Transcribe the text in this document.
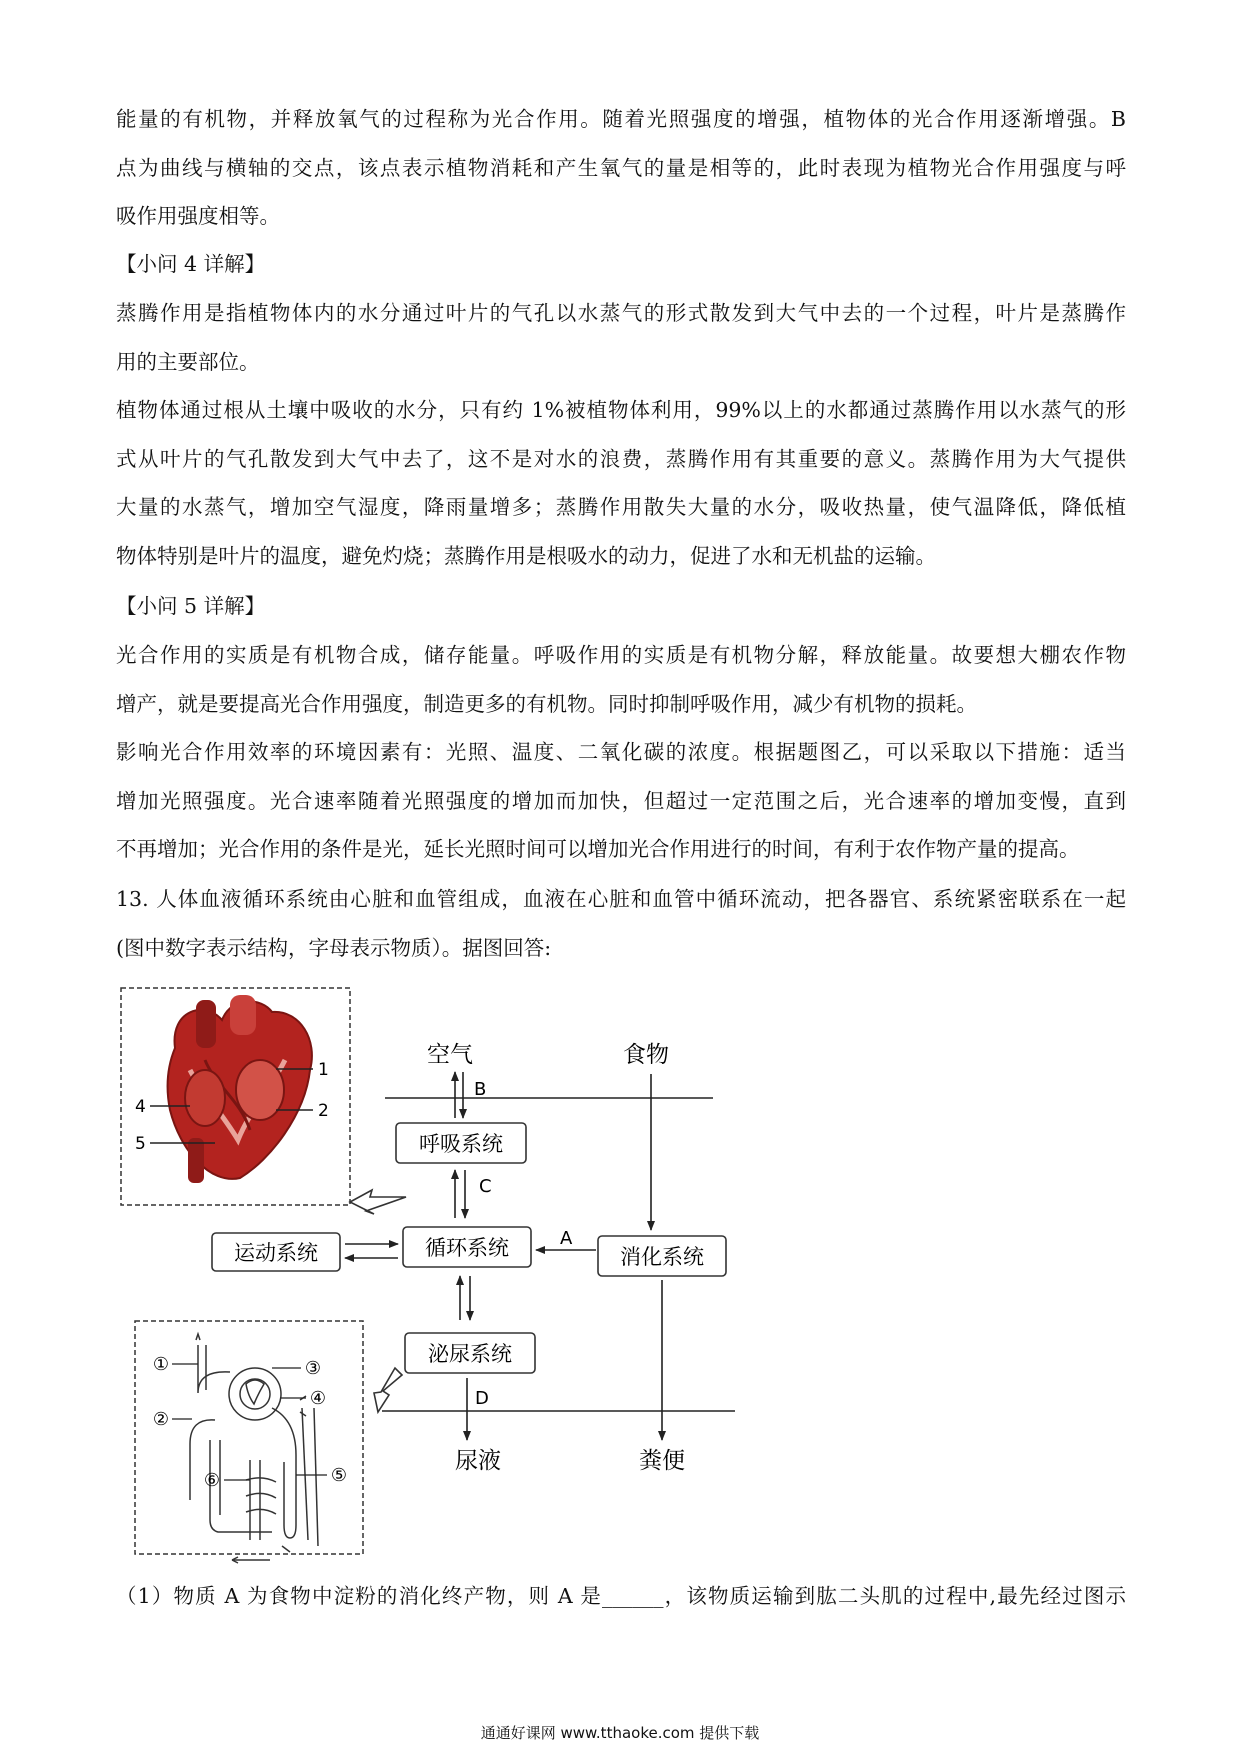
能量的有机物，并释放氧气的过程称为光合作用。随着光照强度的增强，植物体的光合作用逐渐增强。B
点为曲线与横轴的交点，该点表示植物消耗和产生氧气的量是相等的，此时表现为植物光合作用强度与呼
吸作用强度相等。
【小问 4 详解】
蒸腾作用是指植物体内的水分通过叶片的气孔以水蒸气的形式散发到大气中去的一个过程，叶片是蒸腾作
用的主要部位。
植物体通过根从土壤中吸收的水分，只有约 1%被植物体利用，99%以上的水都通过蒸腾作用以水蒸气的形
式从叶片的气孔散发到大气中去了，这不是对水的浪费，蒸腾作用有其重要的意义。蒸腾作用为大气提供
大量的水蒸气，增加空气湿度，降雨量增多；蒸腾作用散失大量的水分，吸收热量，使气温降低，降低植
物体特别是叶片的温度，避免灼烧；蒸腾作用是根吸水的动力，促进了水和无机盐的运输。
【小问 5 详解】
光合作用的实质是有机物合成，储存能量。呼吸作用的实质是有机物分解，释放能量。故要想大棚农作物
增产，就是要提高光合作用强度，制造更多的有机物。同时抑制呼吸作用，减少有机物的损耗。
影响光合作用效率的环境因素有：光照、温度、二氧化碳的浓度。根据题图乙，可以采取以下措施：适当
增加光照强度。光合速率随着光照强度的增加而加快，但超过一定范围之后，光合速率的增加变慢，直到
不再增加；光合作用的条件是光，延长光照时间可以增加光合作用进行的时间，有利于农作物产量的提高。
13. 人体血液循环系统由心脏和血管组成，血液在心脏和血管中循环流动，把各器官、系统紧密联系在一起
(图中数字表示结构，字母表示物质）。据图回答:
1
2
4
5
空气	食物
B
呼吸系统
C
循环系统
运动系统	消化系统
A
泌尿系统
D
尿液	粪便
①
②
③
④
⑤
⑥
（1）物质 A 为食物中淀粉的消化终产物，则 A 是______，该物质运输到肱二头肌的过程中,最先经过图示
通通好课网 www.tthaoke.com 提供下载
